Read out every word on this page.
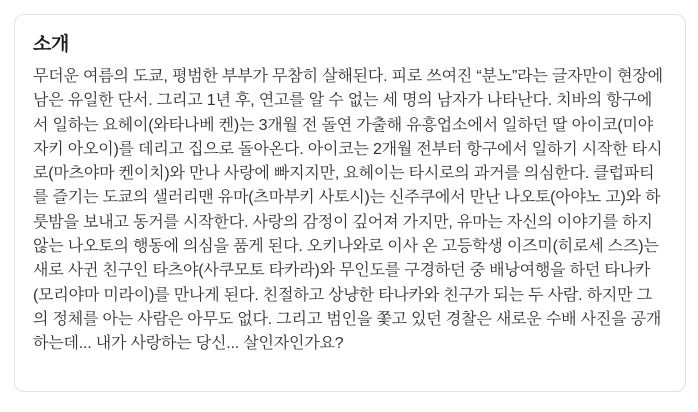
소개

무더운 여름의 도쿄, 평범한 부부가 무참히 살해된다. 피로 쓰여진 “분노”라는 글자만이 현장에 남은 유일한 단서. 그리고 1년 후, 연고를 알 수 없는 세 명의 남자가 나타난다. 치바의 항구에서 일하는 요헤이(와타나베 켄)는 3개월 전 돌연 가출해 유흥업소에서 일하던 딸 아이코(미야자키 아오이)를 데리고 집으로 돌아온다. 아이코는 2개월 전부터 항구에서 일하기 시작한 타시로(마츠야마 켄이치)와 만나 사랑에 빠지지만, 요헤이는 타시로의 과거를 의심한다. 클럽파티를 즐기는 도쿄의 샐러리맨 유마(츠마부키 사토시)는 신주쿠에서 만난 나오토(아야노 고)와 하룻밤을 보내고 동거를 시작한다. 사랑의 감정이 깊어져 가지만, 유마는 자신의 이야기를 하지 않는 나오토의 행동에 의심을 품게 된다. 오키나와로 이사 온 고등학생 이즈미(히로세 스즈)는 새로 사귄 친구인 타츠야(사쿠모토 타카라)와 무인도를 구경하던 중 배낭여행을 하던 타나카(모리야마 미라이)를 만나게 된다. 친절하고 상냥한 타나카와 친구가 되는 두 사람. 하지만 그의 정체를 아는 사람은 아무도 없다. 그리고 범인을 쫓고 있던 경찰은 새로운 수배 사진을 공개하는데... 내가 사랑하는 당신... 살인자인가요?
